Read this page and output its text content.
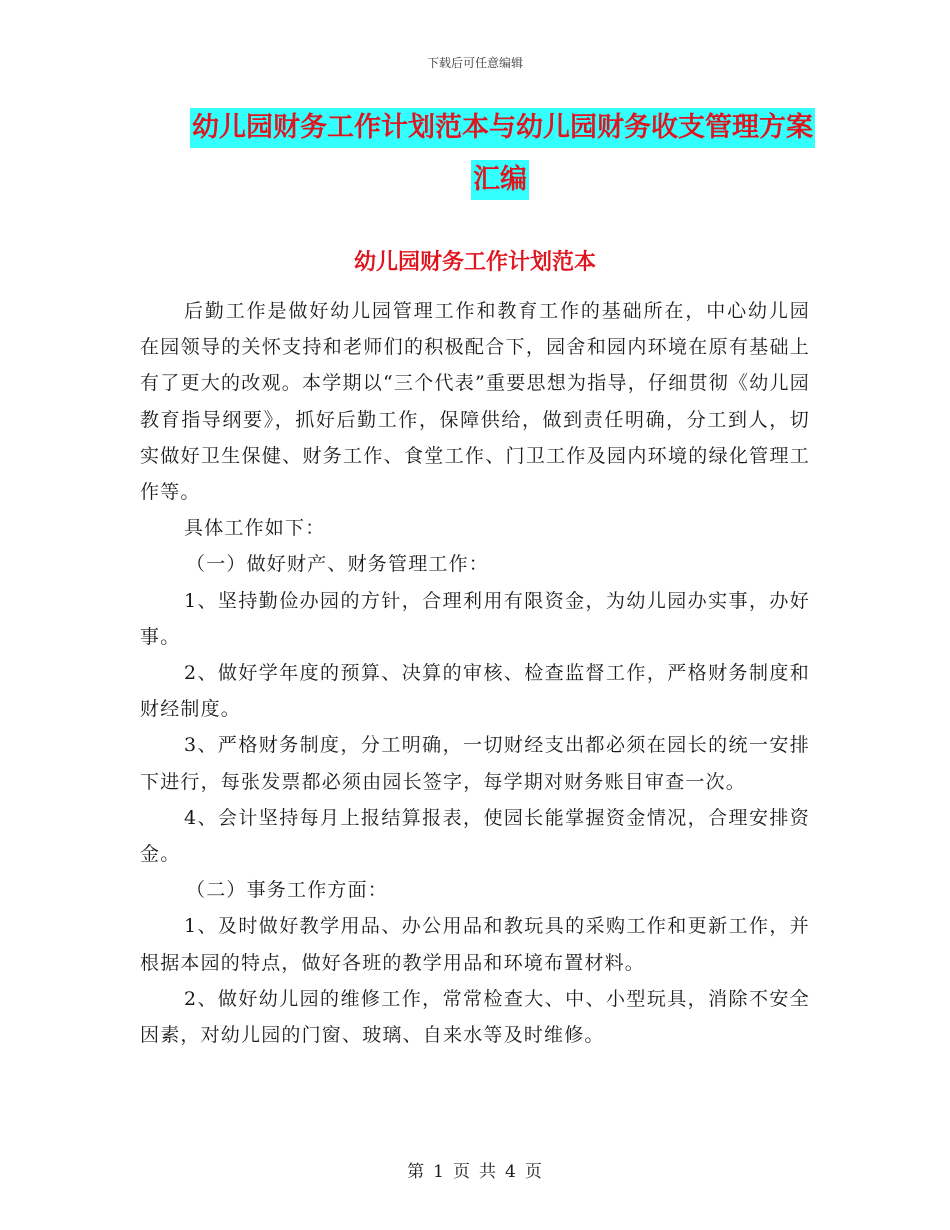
下载后可任意编辑
幼儿园财务工作计划范本与幼儿园财务收支管理方案
汇编
幼儿园财务工作计划范本

后勤工作是做好幼儿园管理工作和教育工作的基础所在，中心幼儿园在园领导的关怀支持和老师们的积极配合下，园舍和园内环境在原有基础上有了更大的改观。本学期以“三个代表”重要思想为指导，仔细贯彻《幼儿园教育指导纲要》，抓好后勤工作，保障供给，做到责任明确，分工到人，切实做好卫生保健、财务工作、食堂工作、门卫工作及园内环境的绿化管理工作等。

具体工作如下：

（一）做好财产、财务管理工作：

1、坚持勤俭办园的方针，合理利用有限资金，为幼儿园办实事，办好事。

2、做好学年度的预算、决算的审核、检查监督工作，严格财务制度和财经制度。

3、严格财务制度，分工明确，一切财经支出都必须在园长的统一安排下进行，每张发票都必须由园长签字，每学期对财务账目审查一次。

4、会计坚持每月上报结算报表，使园长能掌握资金情况，合理安排资金。

（二）事务工作方面：

1、及时做好教学用品、办公用品和教玩具的采购工作和更新工作，并根据本园的特点，做好各班的教学用品和环境布置材料。

2、做好幼儿园的维修工作，常常检查大、中、小型玩具，消除不安全因素，对幼儿园的门窗、玻璃、自来水等及时维修。

第 1 页 共 4 页
